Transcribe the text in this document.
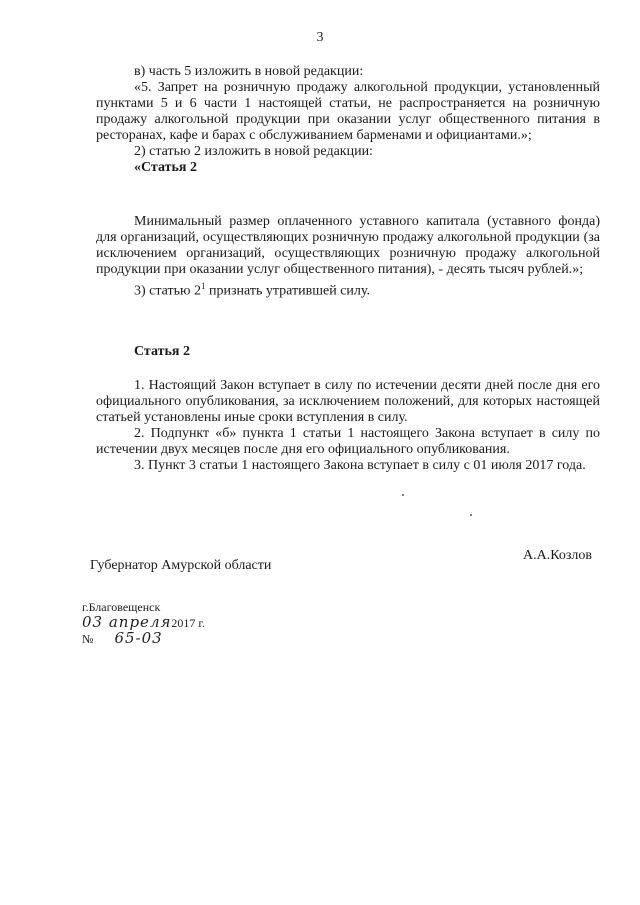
3

в) часть 5 изложить в новой редакции:

«5. Запрет на розничную продажу алкогольной продукции, установленный пунктами 5 и 6 части 1 настоящей статьи, не распространяется на розничную продажу алкогольной продукции при оказании услуг общественного питания в ресторанах, кафе и барах с обслуживанием барменами и официантами.»;

2) статью 2 изложить в новой редакции:

«Статья 2

Минимальный размер оплаченного уставного капитала (уставного фонда) для организаций, осуществляющих розничную продажу алкогольной продукции (за исключением организаций, осуществляющих розничную продажу алкогольной продукции при оказании услуг общественного питания), - десять тысяч рублей.»;

3) статью $2^1$ признать утратившей силу.

Статья 2

1. Настоящий Закон вступает в силу по истечении десяти дней после дня его официального опубликования, за исключением положений, для которых настоящей статьей установлены иные сроки вступления в силу.

2. Подпункт «б» пункта 1 статьи 1 настоящего Закона вступает в силу по истечении двух месяцев после дня его официального опубликования.

3. Пункт 3 статьи 1 настоящего Закона вступает в силу с 01 июля 2017 года.

Губернатор Амурской области
А.А.Козлов
г.Благовещенск
03 апреля2017 г.
№ 65-03
